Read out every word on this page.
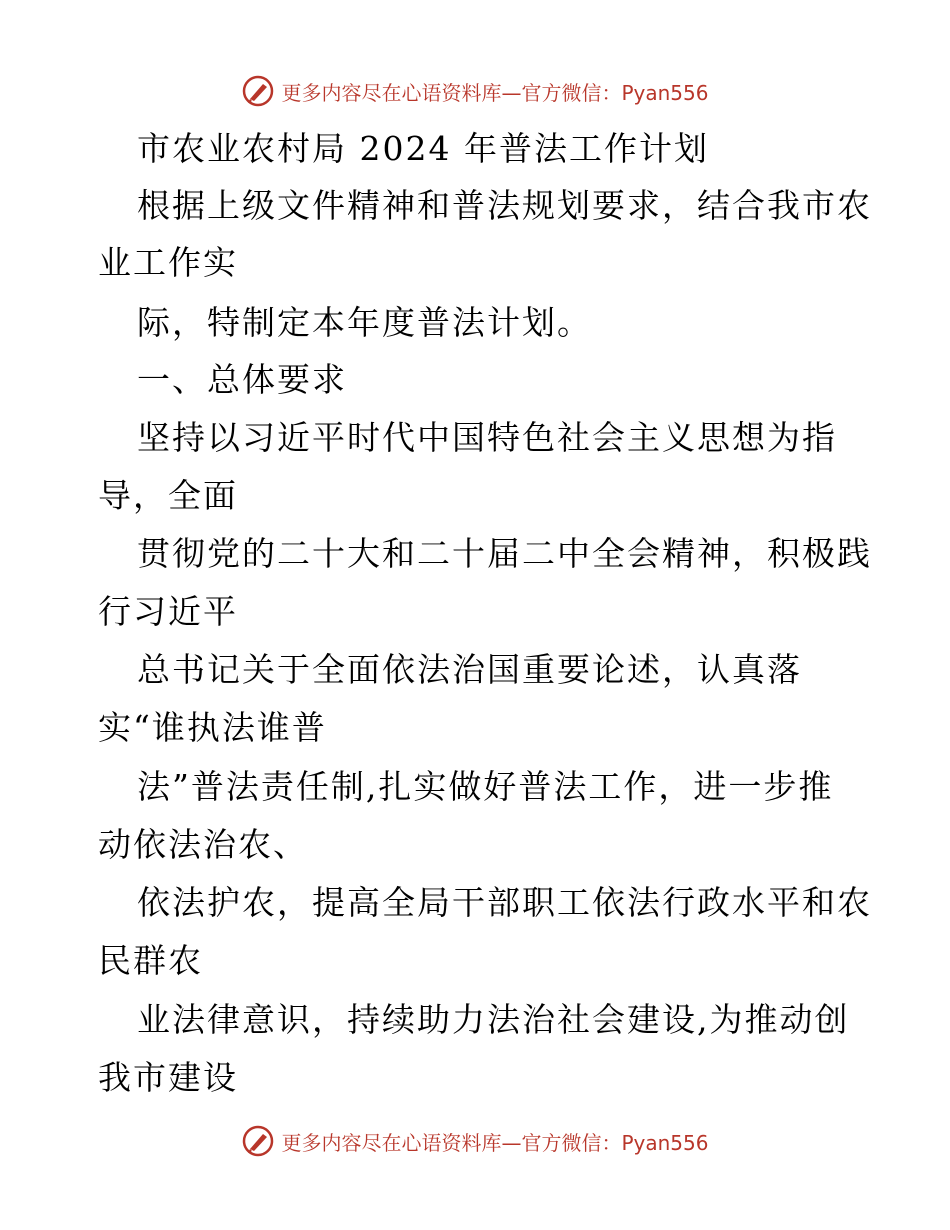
更多内容尽在心语资料库—官方微信：Pyan556
市农业农村局 2024 年普法工作计划
根据上级文件精神和普法规划要求，结合我市农
业工作实
际，特制定本年度普法计划。
一、总体要求
坚持以习近平时代中国特色社会主义思想为指
导，全面
贯彻党的二十大和二十届二中全会精神，积极践
行习近平
总书记关于全面依法治国重要论述，认真落
实“谁执法谁普
法”普法责任制,扎实做好普法工作，进一步推
动依法治农、
依法护农，提高全局干部职工依法行政水平和农
民群农
业法律意识，持续助力法治社会建设,为推动创
我市建设
更多内容尽在心语资料库—官方微信：Pyan556
